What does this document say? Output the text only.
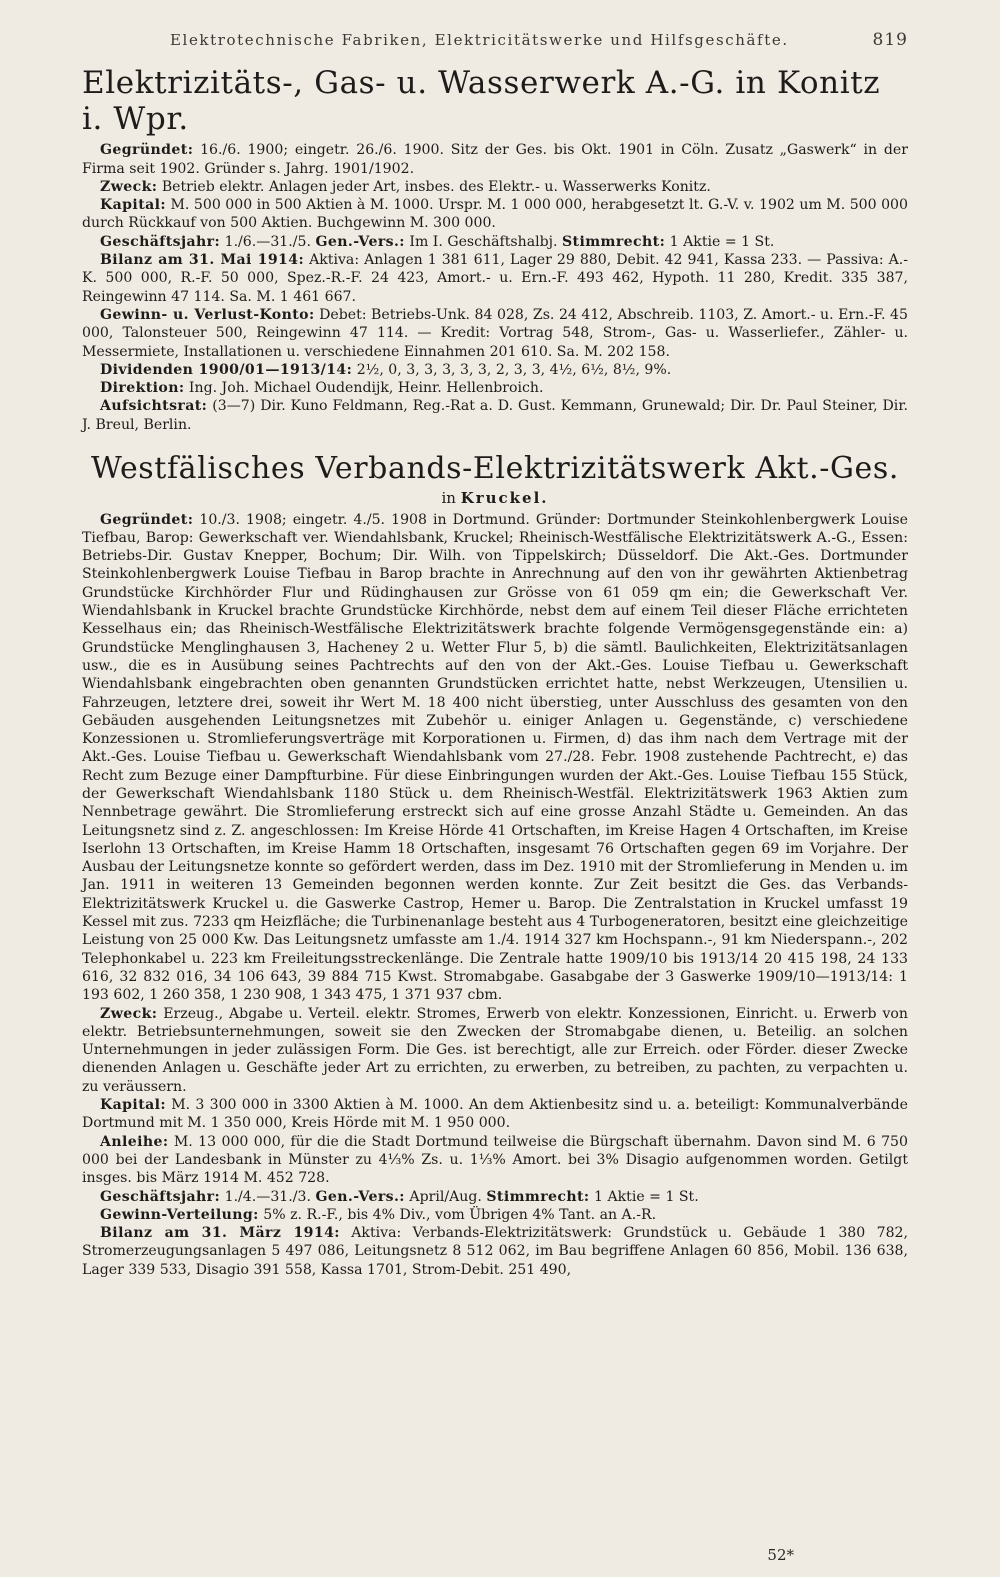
Elektrotechnische Fabriken, Elektricitätswerke und Hilfsgeschäfte.	819
Elektrizitäts-, Gas- u. Wasserwerk A.-G. in Konitz i. Wpr.

Gegründet: 16./6. 1900; eingetr. 26./6. 1900. Sitz der Ges. bis Okt. 1901 in Cöln. Zusatz „Gaswerk“ in der Firma seit 1902. Gründer s. Jahrg. 1901/1902.

Zweck: Betrieb elektr. Anlagen jeder Art, insbes. des Elektr.- u. Wasserwerks Konitz.

Kapital: M. 500 000 in 500 Aktien à M. 1000. Urspr. M. 1 000 000, herabgesetzt lt. G.-V. v. 1902 um M. 500 000 durch Rückkauf von 500 Aktien. Buchgewinn M. 300 000.

Geschäftsjahr: 1./6.—31./5. Gen.-Vers.: Im I. Geschäftshalbj. Stimmrecht: 1 Aktie = 1 St.

Bilanz am 31. Mai 1914: Aktiva: Anlagen 1 381 611, Lager 29 880, Debit. 42 941, Kassa 233. — Passiva: A.-K. 500 000, R.-F. 50 000, Spez.-R.-F. 24 423, Amort.- u. Ern.-F. 493 462, Hypoth. 11 280, Kredit. 335 387, Reingewinn 47 114. Sa. M. 1 461 667.

Gewinn- u. Verlust-Konto: Debet: Betriebs-Unk. 84 028, Zs. 24 412, Abschreib. 1103, Z. Amort.- u. Ern.-F. 45 000, Talonsteuer 500, Reingewinn 47 114. — Kredit: Vortrag 548, Strom-, Gas- u. Wasserliefer., Zähler- u. Messermiete, Installationen u. verschiedene Einnahmen 201 610. Sa. M. 202 158.

Dividenden 1900/01—1913/14: 2½, 0, 3, 3, 3, 3, 3, 2, 3, 3, 4½, 6½, 8½, 9%.

Direktion: Ing. Joh. Michael Oudendijk, Heinr. Hellenbroich.

Aufsichtsrat: (3—7) Dir. Kuno Feldmann, Reg.-Rat a. D. Gust. Kemmann, Grunewald; Dir. Dr. Paul Steiner, Dir. J. Breul, Berlin.

Westfälisches Verbands-Elektrizitätswerk Akt.-Ges.
in Kruckel.

Gegründet: 10./3. 1908; eingetr. 4./5. 1908 in Dortmund. Gründer: Dortmunder Steinkohlenbergwerk Louise Tiefbau, Barop: Gewerkschaft ver. Wiendahlsbank, Kruckel; Rheinisch-Westfälische Elektrizitätswerk A.-G., Essen: Betriebs-Dir. Gustav Knepper, Bochum; Dir. Wilh. von Tippelskirch; Düsseldorf. Die Akt.-Ges. Dortmunder Steinkohlenbergwerk Louise Tiefbau in Barop brachte in Anrechnung auf den von ihr gewährten Aktienbetrag Grundstücke Kirchhörder Flur und Rüdinghausen zur Grösse von 61 059 qm ein; die Gewerkschaft Ver. Wiendahlsbank in Kruckel brachte Grundstücke Kirchhörde, nebst dem auf einem Teil dieser Fläche errichteten Kesselhaus ein; das Rheinisch-Westfälische Elektrizitätswerk brachte folgende Vermögensgegenstände ein: a) Grundstücke Menglinghausen 3, Hacheney 2 u. Wetter Flur 5, b) die sämtl. Baulichkeiten, Elektrizitätsanlagen usw., die es in Ausübung seines Pachtrechts auf den von der Akt.-Ges. Louise Tiefbau u. Gewerkschaft Wiendahlsbank eingebrachten oben genannten Grundstücken errichtet hatte, nebst Werkzeugen, Utensilien u. Fahrzeugen, letztere drei, soweit ihr Wert M. 18 400 nicht überstieg, unter Ausschluss des gesamten von den Gebäuden ausgehenden Leitungsnetzes mit Zubehör u. einiger Anlagen u. Gegenstände, c) verschiedene Konzessionen u. Stromlieferungsverträge mit Korporationen u. Firmen, d) das ihm nach dem Vertrage mit der Akt.-Ges. Louise Tiefbau u. Gewerkschaft Wiendahlsbank vom 27./28. Febr. 1908 zustehende Pachtrecht, e) das Recht zum Bezuge einer Dampfturbine. Für diese Einbringungen wurden der Akt.-Ges. Louise Tiefbau 155 Stück, der Gewerkschaft Wiendahlsbank 1180 Stück u. dem Rheinisch-Westfäl. Elektrizitätswerk 1963 Aktien zum Nennbetrage gewährt. Die Stromlieferung erstreckt sich auf eine grosse Anzahl Städte u. Gemeinden. An das Leitungsnetz sind z. Z. angeschlossen: Im Kreise Hörde 41 Ortschaften, im Kreise Hagen 4 Ortschaften, im Kreise Iserlohn 13 Ortschaften, im Kreise Hamm 18 Ortschaften, insgesamt 76 Ortschaften gegen 69 im Vorjahre. Der Ausbau der Leitungsnetze konnte so gefördert werden, dass im Dez. 1910 mit der Stromlieferung in Menden u. im Jan. 1911 in weiteren 13 Gemeinden begonnen werden konnte. Zur Zeit besitzt die Ges. das Verbands-Elektrizitätswerk Kruckel u. die Gaswerke Castrop, Hemer u. Barop. Die Zentralstation in Kruckel umfasst 19 Kessel mit zus. 7233 qm Heizfläche; die Turbinenanlage besteht aus 4 Turbogeneratoren, besitzt eine gleichzeitige Leistung von 25 000 Kw. Das Leitungsnetz umfasste am 1./4. 1914 327 km Hochspann.-, 91 km Niederspann.-, 202 Telephonkabel u. 223 km Freileitungsstreckenlänge. Die Zentrale hatte 1909/10 bis 1913/14 20 415 198, 24 133 616, 32 832 016, 34 106 643, 39 884 715 Kwst. Stromabgabe. Gasabgabe der 3 Gaswerke 1909/10—1913/14: 1 193 602, 1 260 358, 1 230 908, 1 343 475, 1 371 937 cbm.

Zweck: Erzeug., Abgabe u. Verteil. elektr. Stromes, Erwerb von elektr. Konzessionen, Einricht. u. Erwerb von elektr. Betriebsunternehmungen, soweit sie den Zwecken der Stromabgabe dienen, u. Beteilig. an solchen Unternehmungen in jeder zulässigen Form. Die Ges. ist berechtigt, alle zur Erreich. oder Förder. dieser Zwecke dienenden Anlagen u. Geschäfte jeder Art zu errichten, zu erwerben, zu betreiben, zu pachten, zu verpachten u. zu veräussern.

Kapital: M. 3 300 000 in 3300 Aktien à M. 1000. An dem Aktienbesitz sind u. a. beteiligt: Kommunalverbände Dortmund mit M. 1 350 000, Kreis Hörde mit M. 1 950 000.

Anleihe: M. 13 000 000, für die die Stadt Dortmund teilweise die Bürgschaft übernahm. Davon sind M. 6 750 000 bei der Landesbank in Münster zu 4⅓% Zs. u. 1⅓% Amort. bei 3% Disagio aufgenommen worden. Getilgt insges. bis März 1914 M. 452 728.

Geschäftsjahr: 1./4.—31./3. Gen.-Vers.: April/Aug. Stimmrecht: 1 Aktie = 1 St.

Gewinn-Verteilung: 5% z. R.-F., bis 4% Div., vom Übrigen 4% Tant. an A.-R.

Bilanz am 31. März 1914: Aktiva: Verbands-Elektrizitätswerk: Grundstück u. Gebäude 1 380 782, Stromerzeugungsanlagen 5 497 086, Leitungsnetz 8 512 062, im Bau begriffene Anlagen 60 856, Mobil. 136 638, Lager 339 533, Disagio 391 558, Kassa 1701, Strom-Debit. 251 490,

52*
